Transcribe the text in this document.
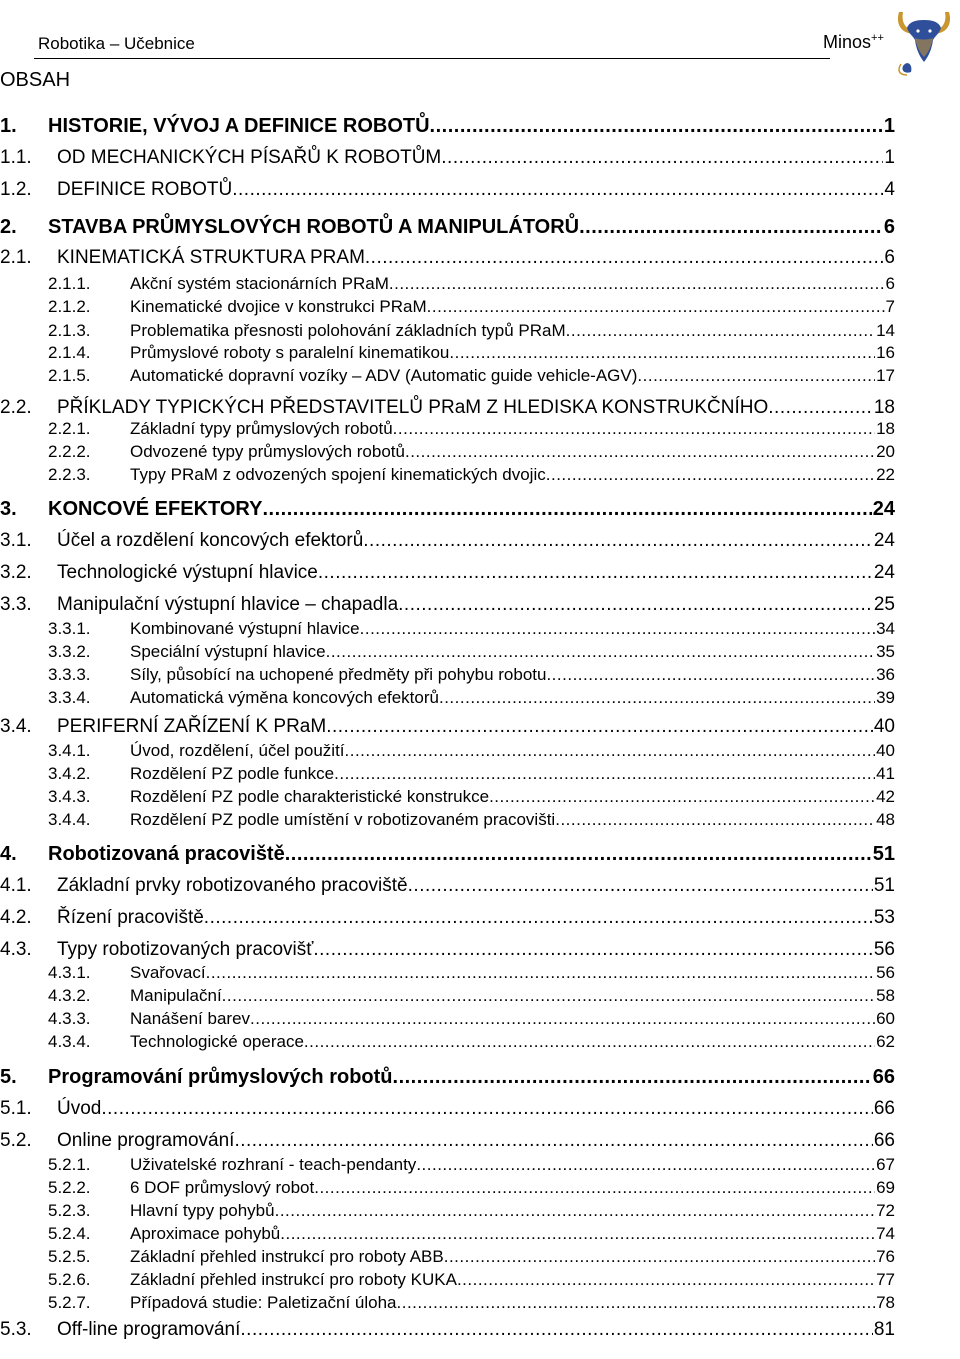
Robotika – Učebnice	Minos++
OBSAH
1.	HISTORIE, VÝVOJ A DEFINICE ROBOTŮ .....	1
1.1.	OD MECHANICKÝCH PÍSAŘŮ K ROBOTŮM .....	1
1.2.	DEFINICE ROBOTŮ .....	4
2.	STAVBA PRŮMYSLOVÝCH ROBOTŮ A MANIPULÁTORŮ .....	6
2.1.	KINEMATICKÁ STRUKTURA PRAM .....	6
2.1.1.	Akční systém stacionárních PRaM .....	6
2.1.2.	Kinematické dvojice v konstrukci PRaM .....	7
2.1.3.	Problematika přesnosti polohování základních typů PRaM .....	14
2.1.4.	Průmyslové roboty s paralelní kinematikou .....	16
2.1.5.	Automatické dopravní vozíky – ADV (Automatic guide vehicle-AGV) .....	17
2.2.	PŘÍKLADY TYPICKÝCH PŘEDSTAVITELŮ PRaM Z HLEDISKA KONSTRUKČNÍHO .....	18
2.2.1.	Základní typy průmyslových robotů .....	18
2.2.2.	Odvozené typy průmyslových robotů .....	20
2.2.3.	Typy PRaM z odvozených spojení kinematických dvojic .....	22
3.	KONCOVÉ EFEKTORY .....	24
3.1.	Účel a rozdělení koncových efektorů .....	24
3.2.	Technologické výstupní hlavice .....	24
3.3.	Manipulační výstupní hlavice – chapadla .....	25
3.3.1.	Kombinované výstupní hlavice .....	34
3.3.2.	Speciální výstupní hlavice .....	35
3.3.3.	Síly, působící na uchopené předměty při pohybu robotu .....	36
3.3.4.	Automatická výměna koncových efektorů .....	39
3.4.	PERIFERNÍ ZAŘÍZENÍ K PRaM .....	40
3.4.1.	Úvod, rozdělení, účel použití .....	40
3.4.2.	Rozdělení PZ podle funkce .....	41
3.4.3.	Rozdělení PZ podle charakteristické konstrukce .....	42
3.4.4.	Rozdělení PZ podle umístění v robotizovaném pracovišti .....	48
4.	Robotizovaná pracoviště .....	51
4.1.	Základní prvky robotizovaného pracoviště .....	51
4.2.	Řízení pracoviště .....	53
4.3.	Typy robotizovaných pracovišť .....	56
4.3.1.	Svařovací .....	56
4.3.2.	Manipulační .....	58
4.3.3.	Nanášení barev .....	60
4.3.4.	Technologické operace .....	62
5.	Programování průmyslových robotů .....	66
5.1.	Úvod .....	66
5.2.	Online programování .....	66
5.2.1.	Uživatelské rozhraní - teach-pendanty .....	67
5.2.2.	6 DOF průmyslový robot .....	69
5.2.3.	Hlavní typy pohybů .....	72
5.2.4.	Aproximace pohybů .....	74
5.2.5.	Základní přehled instrukcí pro roboty ABB .....	76
5.2.6.	Základní přehled instrukcí pro roboty KUKA .....	77
5.2.7.	Případová studie: Paletizační úloha .....	78
5.3.	Off-line programování .....	81
